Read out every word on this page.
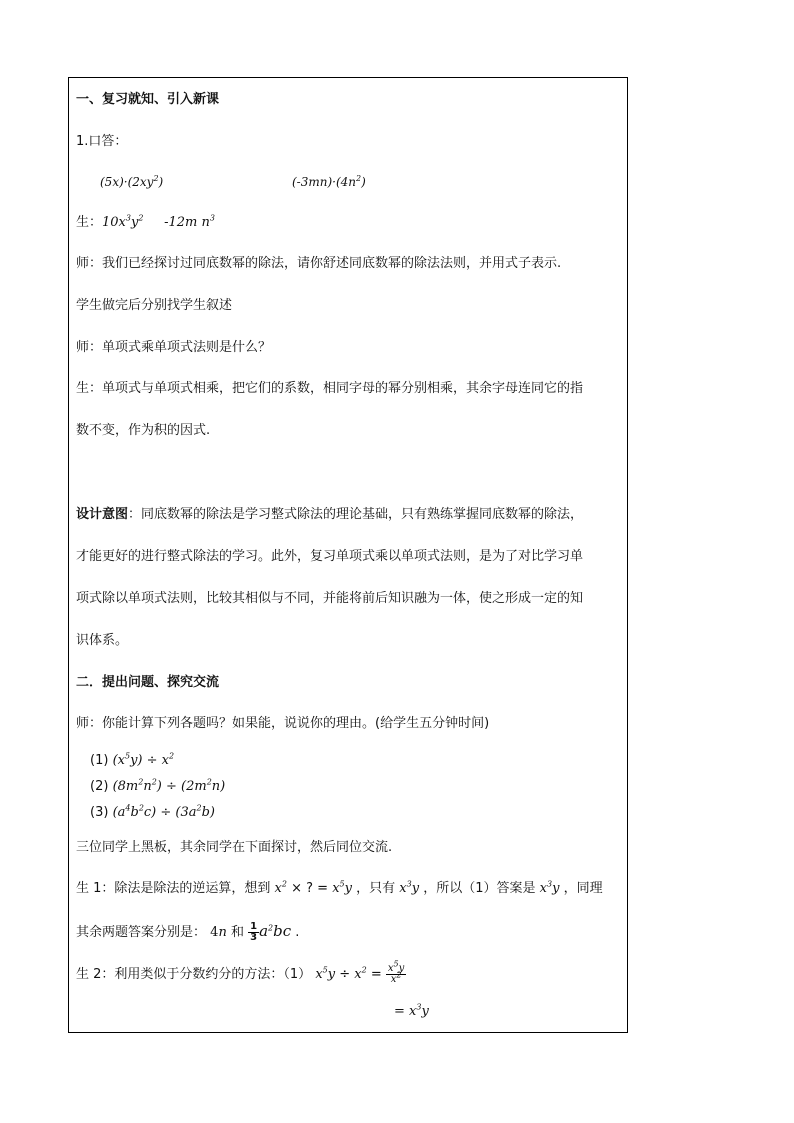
一、复习就知、引入新课
1.口答：
$(5x)\cdot(2xy^2)$	$(-3mn)\cdot(4n^2)$
生：$10x^3y^2$ -12m $n^3$
师：我们已经探讨过同底数幂的除法，请你舒述同底数幂的除法法则，并用式子表示.
学生做完后分别找学生叙述
师：单项式乘单项式法则是什么？
生：单项式与单项式相乘，把它们的系数，相同字母的幂分别相乘，其余字母连同它的指
数不变，作为积的因式.
设计意图：同底数幂的除法是学习整式除法的理论基础，只有熟练掌握同底数幂的除法，
才能更好的进行整式除法的学习。此外，复习单项式乘以单项式法则，是为了对比学习单
项式除以单项式法则，比较其相似与不同，并能将前后知识融为一体，使之形成一定的知
识体系。
二．提出问题、探究交流
师：你能计算下列各题吗？如果能，说说你的理由。(给学生五分钟时间)
(1) $(x^5y) \div x^2$
(2) $(8m^2n^2) \div (2m^2n)$
(3) $(a^4b^2c) \div (3a^2b)$
三位同学上黑板，其余同学在下面探讨，然后同位交流.
生 1：除法是除法的逆运算，想到 $x^2$ × ? = $x^5y$ ，只有 $x^3y$ ，所以（1）答案是 $x^3y$ ，同理
其余两题答案分别是： 4n 和 $\frac{1}{3} a^2bc$ .
生 2：利用类似于分数约分的方法：（1） $x^5y \div x^2 = \frac{x^5y}{x^2}$
= $x^3y$
